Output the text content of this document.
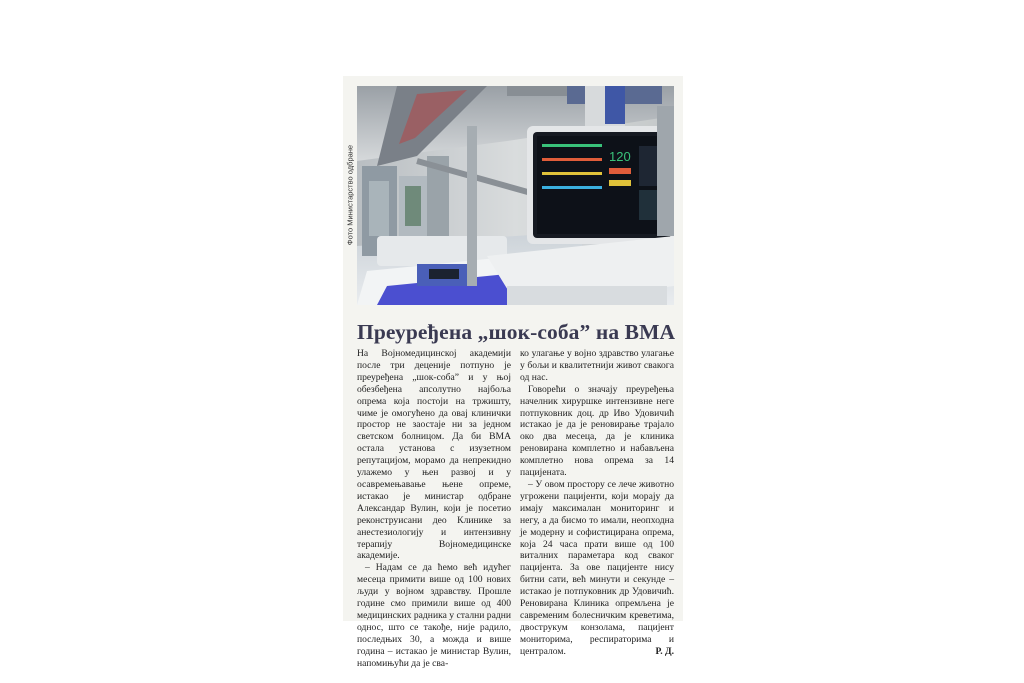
Фото Министарство одбране	120
Преуређена „шок-соба” на ВМА

На Војномедицинској академији после три деценије потпуно је преуређена „шок-соба” и у њој обезбеђена апсолутно најбоља опрема која постоји на тржишту, чиме је омогућено да овај клинички простор не заостаје ни за једном светском болницом. Да би ВМА остала установа с изузетном репутацијом, морамо да непрекидно улажемо у њен развој и у осавремењавање њене опреме, истакао је министар одбране Александар Вулин, који је посетио реконструисани део Клинике за анестезиологију и интензивну терапију Војномедицинске академије.

– Надам се да ћемо већ идућег месеца примити више од 100 нових људи у војном здравству. Прошле године смо примили више од 400 медицинских радника у стални радни однос, што се такође, није радило, последњих 30, а можда и више година – истакао је министар Вулин, напомињући да је сва-

ко улагање у војно здравство улагање у бољи и квалитетнији живот свакога од нас.

Говорећи о значају преуређења начелник хируршке интензивне неге потпуковник доц. др Иво Удовичић истакао је да је реновирање трајало око два месеца, да је клиника реновирана комплетно и набављена комплетно нова опрема за 14 пацијената.

– У овом простору се лече животно угрожени пацијенти, који морају да имају максималан мониторинг и негу, а да бисмо то имали, неопходна је модерну и софистицирана опрема, која 24 часа прати више од 100 виталних параметара код сваког пацијента. За ове пацијенте нису битни сати, већ минути и секунде – истакао је потпуковник др Удовичић. Реновирана Клиника опремљена је савременим болесничким креветима, двострукум конзолама, пацијент мониторима, респираторима и централом.	Р. Д.
